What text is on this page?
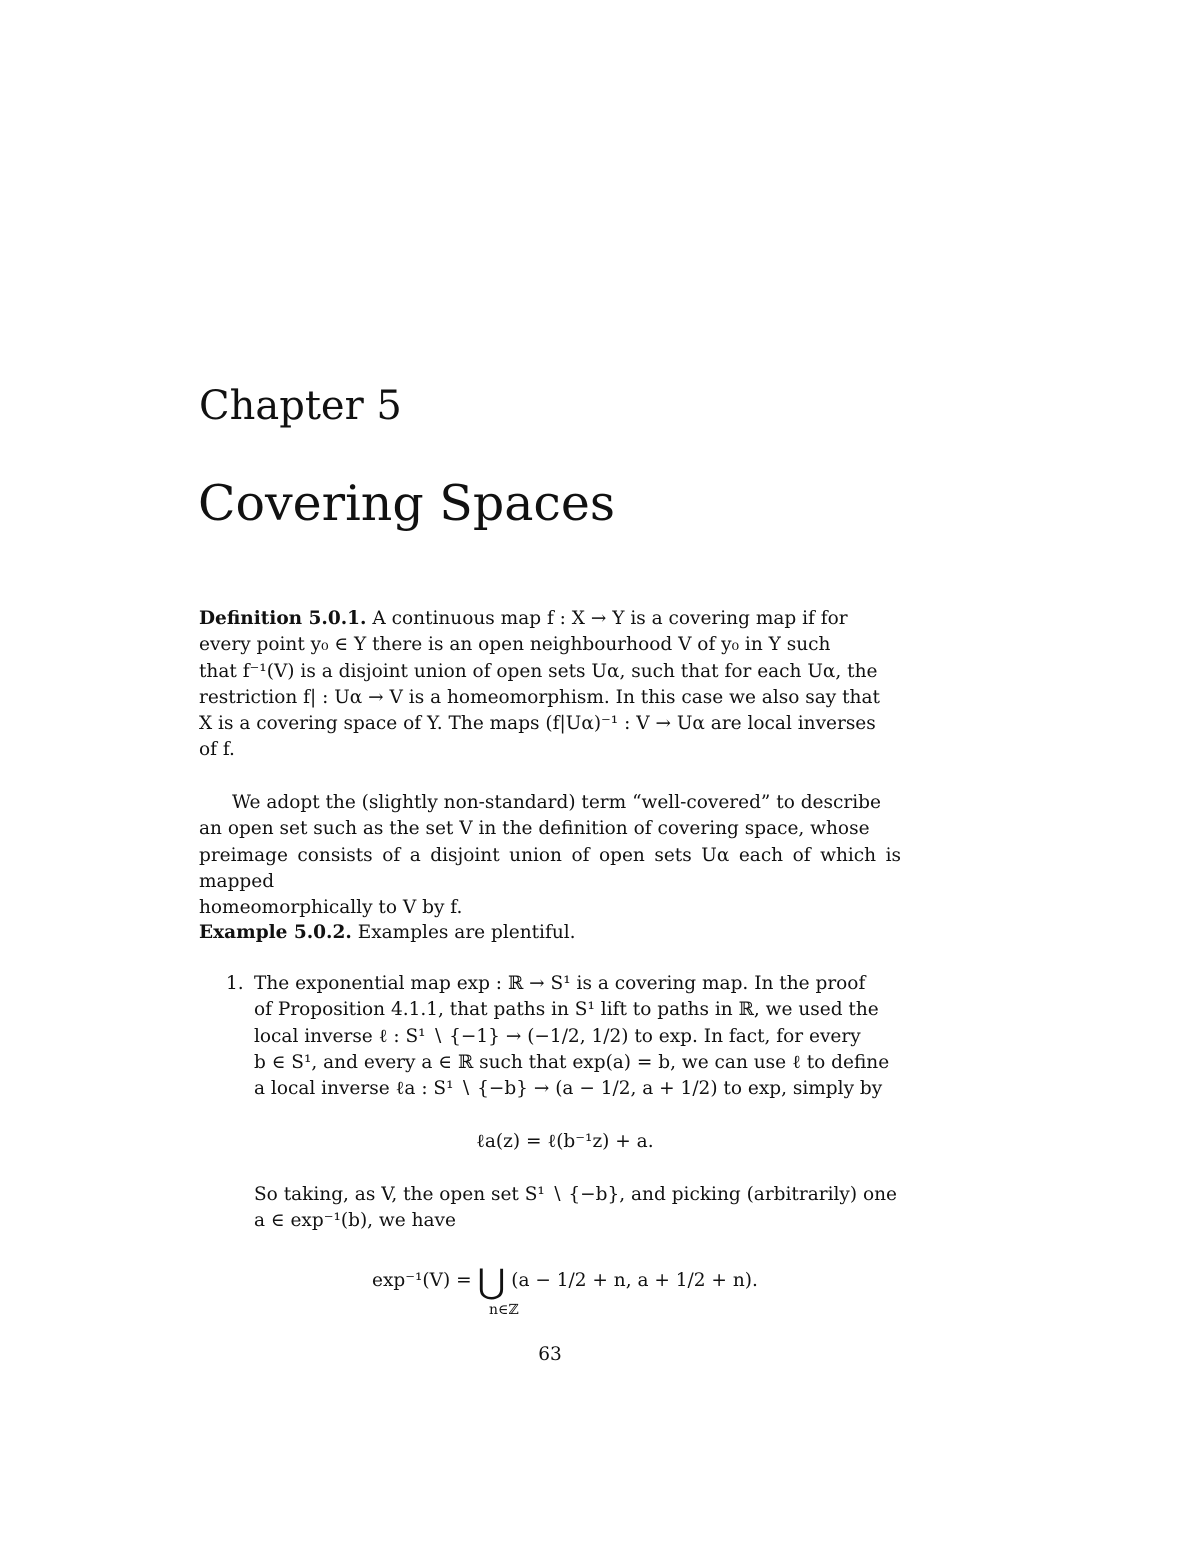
Chapter 5
Covering Spaces
Definition 5.0.1. A continuous map f : X → Y is a covering map if for
every point y₀ ∈ Y there is an open neighbourhood V of y₀ in Y such
that f⁻¹(V) is a disjoint union of open sets Uα, such that for each Uα, the
restriction f| : Uα → V is a homeomorphism. In this case we also say that
X is a covering space of Y. The maps (f|Uα)⁻¹ : V → Uα are local inverses
of f.
We adopt the (slightly non-standard) term “well-covered” to describe
an open set such as the set V in the definition of covering space, whose
preimage consists of a disjoint union of open sets Uα each of which is mapped
homeomorphically to V by f.
Example 5.0.2. Examples are plentiful.
1. The exponential map exp : ℝ → S¹ is a covering map. In the proof
of Proposition 4.1.1, that paths in S¹ lift to paths in ℝ, we used the
local inverse ℓ : S¹ ∖ {−1} → (−1/2, 1/2) to exp. In fact, for every
b ∈ S¹, and every a ∈ ℝ such that exp(a) = b, we can use ℓ to define
a local inverse ℓa : S¹ ∖ {−b} → (a − 1/2, a + 1/2) to exp, simply by
ℓa(z) = ℓ(b⁻¹z) + a.
So taking, as V, the open set S¹ ∖ {−b}, and picking (arbitrarily) one
a ∈ exp⁻¹(b), we have
exp⁻¹(V) = ⋃ (a − 1/2 + n, a + 1/2 + n).
n∈ℤ
63
